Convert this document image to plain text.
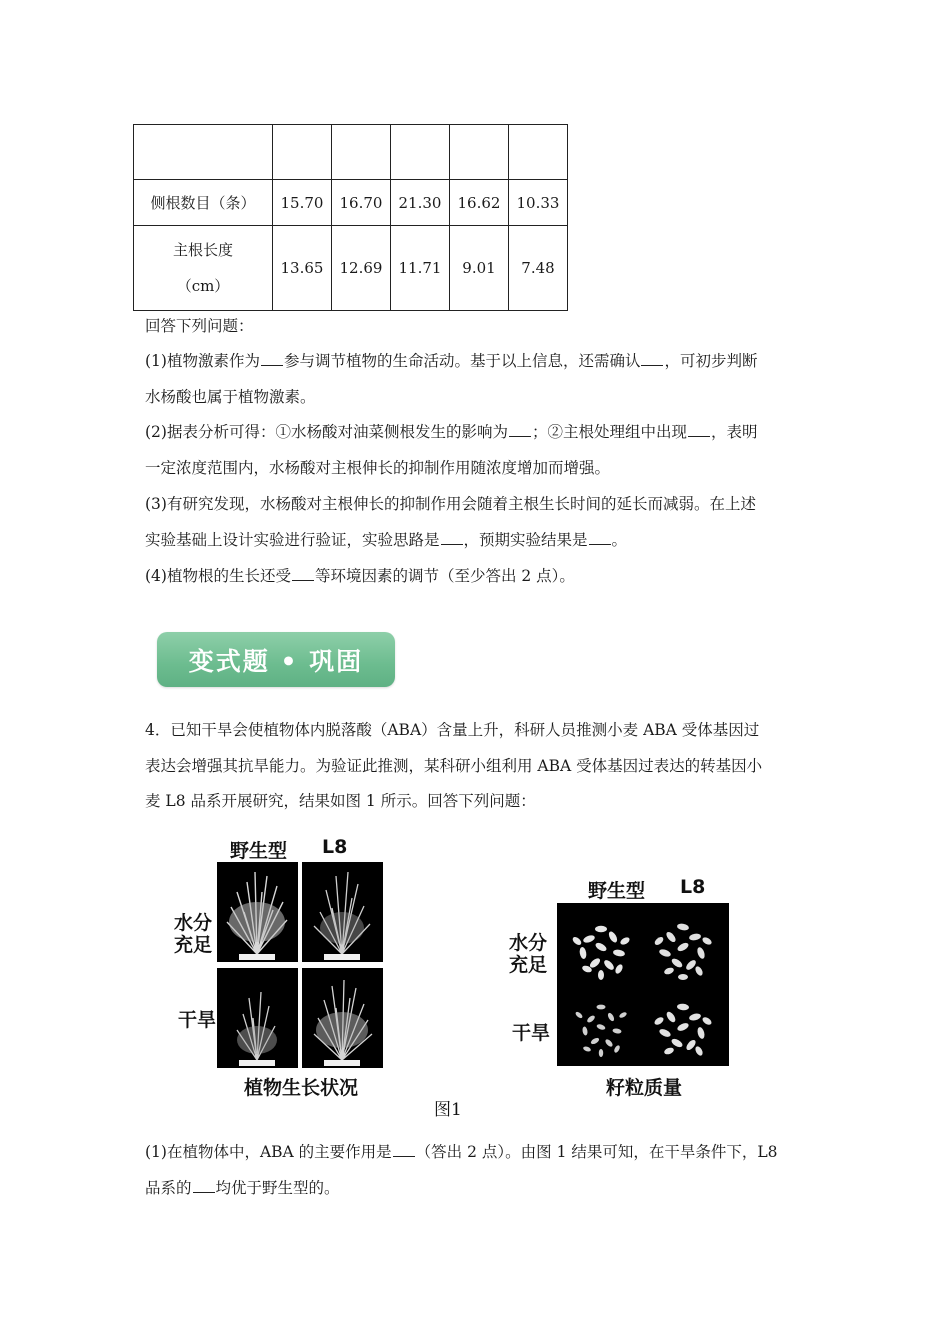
侧根数目（条）	15.70	16.70	21.30	16.62	10.33

主根长度
（cm）	13.65	12.69	11.71	9.01	7.48

回答下列问题：

(1)植物激素作为 参与调节植物的生命活动。基于以上信息，还需确认 ，可初步判断
水杨酸也属于植物激素。

(2)据表分析可得：①水杨酸对油菜侧根发生的影响为 ；②主根处理组中出现 ，表明
一定浓度范围内，水杨酸对主根伸长的抑制作用随浓度增加而增强。

(3)有研究发现，水杨酸对主根伸长的抑制作用会随着主根生长时间的延长而减弱。在上述
实验基础上设计实验进行验证，实验思路是 ，预期实验结果是 。

(4)植物根的生长还受 等环境因素的调节（至少答出 2 点）。

变式题 • 巩固

4．已知干旱会使植物体内脱落酸（ABA）含量上升，科研人员推测小麦 ABA 受体基因过
表达会增强其抗旱能力。为验证此推测，某科研小组利用 ABA 受体基因过表达的转基因小
麦 L8 品系开展研究，结果如图 1 所示。回答下列问题：

野生型 L8
水分充足
干旱
植物生长状况
野生型 L8
水分充足
干旱
籽粒质量
图1

(1)在植物体中，ABA 的主要作用是 （答出 2 点）。由图 1 结果可知，在干旱条件下，L8
品系的 均优于野生型的。
